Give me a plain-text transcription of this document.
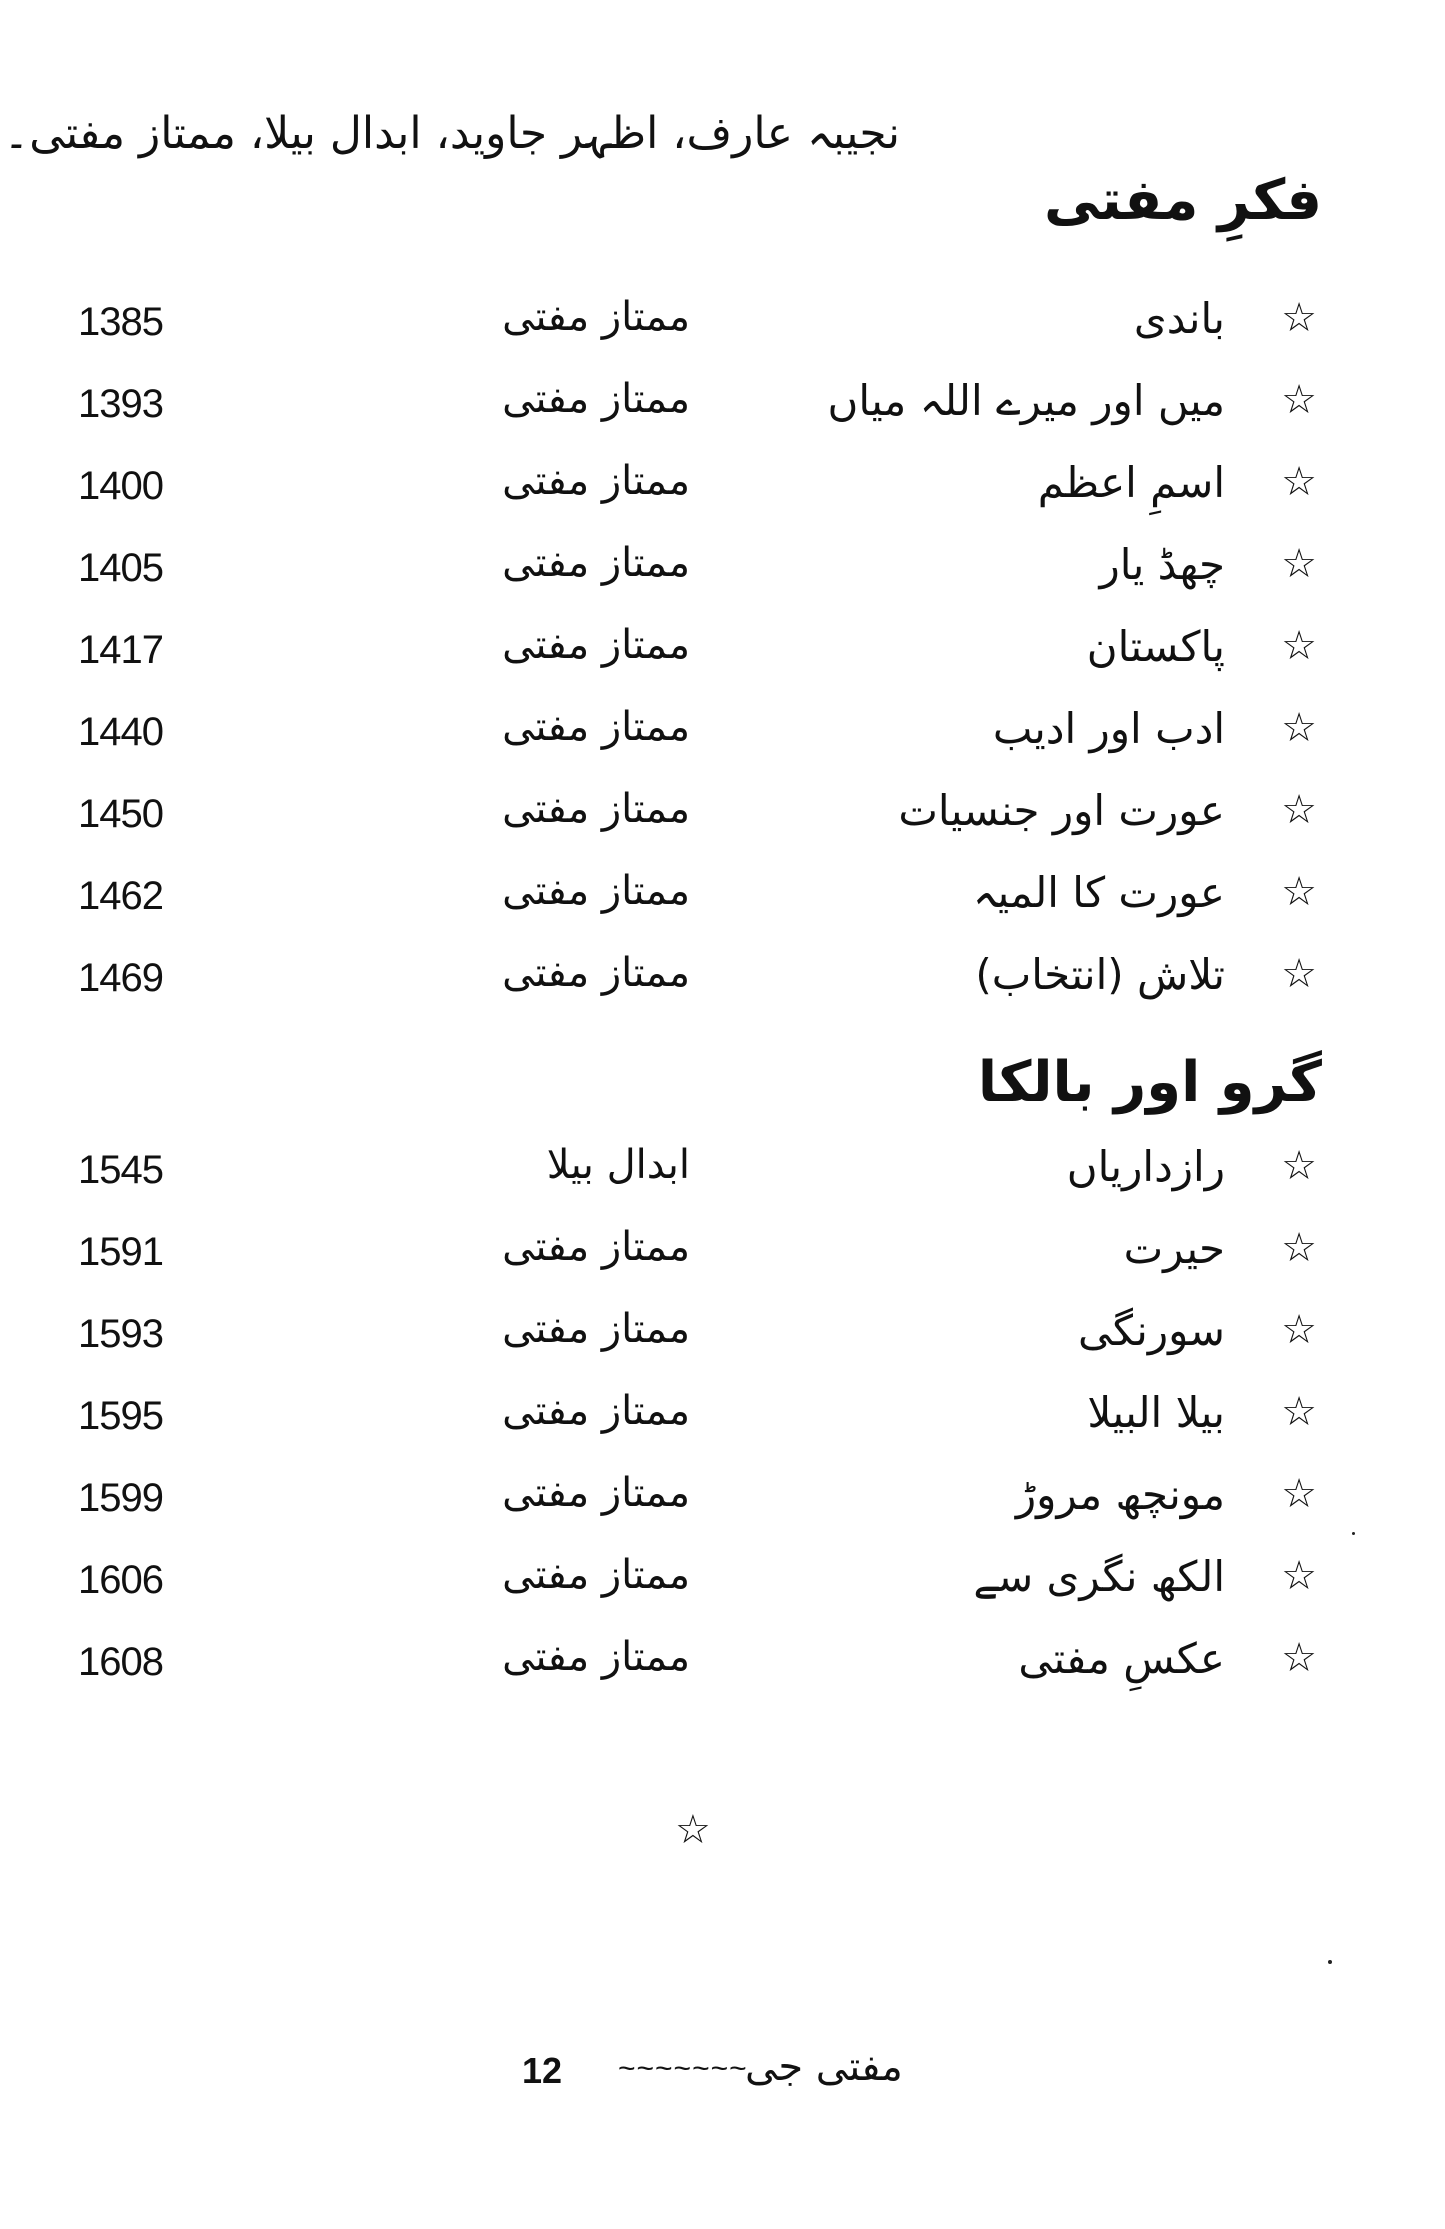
نجیبہ عارف، اظہر جاوید، ابدال بیلا، ممتاز مفتی۔
فکرِ مفتی
1385	ممتاز مفتی	باندی ☆
1393	ممتاز مفتی	میں اور میرے اللہ میاں ☆
1400	ممتاز مفتی	اسمِ اعظم ☆
1405	ممتاز مفتی	چھڈ یار ☆
1417	ممتاز مفتی	پاکستان ☆
1440	ممتاز مفتی	ادب اور ادیب ☆
1450	ممتاز مفتی	عورت اور جنسیات ☆
1462	ممتاز مفتی	عورت کا المیہ ☆
1469	ممتاز مفتی	تلاش (انتخاب) ☆
گرو اور بالکا
1545	ابدال بیلا	رازداریاں ☆
1591	ممتاز مفتی	حیرت ☆
1593	ممتاز مفتی	سورنگی ☆
1595	ممتاز مفتی	بیلا البیلا ☆
1599	ممتاز مفتی	مونچھ مروڑ ☆
1606	ممتاز مفتی	الکھ نگری سے ☆
1608	ممتاز مفتی	عکسِ مفتی ☆
☆
12 ~~~~~~~
مفتی جی
